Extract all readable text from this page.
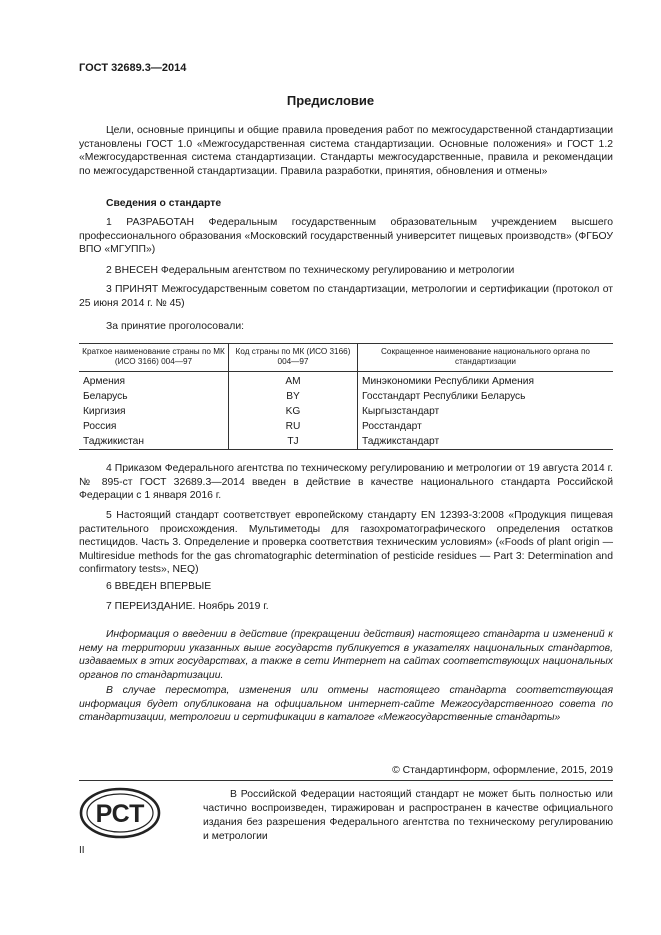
ГОСТ 32689.3—2014
Предисловие
Цели, основные принципы и общие правила проведения работ по межгосударственной стандартизации установлены ГОСТ 1.0 «Межгосударственная система стандартизации. Основные положения» и ГОСТ 1.2 «Межгосударственная система стандартизации. Стандарты межгосударственные, правила и рекомендации по межгосударственной стандартизации. Правила разработки, принятия, обновления и отмены»
Сведения о стандарте
1 РАЗРАБОТАН Федеральным государственным образовательным учреждением высшего профессионального образования «Московский государственный университет пищевых производств» (ФГБОУ ВПО «МГУПП»)
2 ВНЕСЕН Федеральным агентством по техническому регулированию и метрологии
3 ПРИНЯТ Межгосударственным советом по стандартизации, метрологии и сертификации (протокол от 25 июня 2014 г. № 45)
За принятие проголосовали:
Краткое наименование страны по МК (ИСО 3166) 004—97	Код страны по МК (ИСО 3166) 004—97	Сокращенное наименование национального органа по стандартизации
Армения	AM	Минэкономики Республики Армения
Беларусь	BY	Госстандарт Республики Беларусь
Киргизия	KG	Кыргызстандарт
Россия	RU	Росстандарт
Таджикистан	TJ	Таджикстандарт
4 Приказом Федерального агентства по техническому регулированию и метрологии от 19 августа 2014 г. № 895-ст ГОСТ 32689.3—2014 введен в действие в качестве национального стандарта Российской Федерации с 1 января 2016 г.
5 Настоящий стандарт соответствует европейскому стандарту EN 12393-3:2008 «Продукция пищевая растительного происхождения. Мультиметоды для газохроматографического определения остатков пестицидов. Часть 3. Определение и проверка соответствия техническим условиям» («Foods of plant origin — Multiresidue methods for the gas chromatographic determination of pesticide residues — Part 3: Determination and confirmatory tests», NEQ)
6 ВВЕДЕН ВПЕРВЫЕ
7 ПЕРЕИЗДАНИЕ. Ноябрь 2019 г.
Информация о введении в действие (прекращении действия) настоящего стандарта и изменений к нему на территории указанных выше государств публикуется в указателях национальных стандартов, издаваемых в этих государствах, а также в сети Интернет на сайтах соответствующих национальных органов по стандартизации.
В случае пересмотра, изменения или отмены настоящего стандарта соответствующая информация будет опубликована на официальном интернет-сайте Межгосударственного совета по стандартизации, метрологии и сертификации в каталоге «Межгосударственные стандарты»
© Стандартинформ, оформление, 2015, 2019
РСТ
В Российской Федерации настоящий стандарт не может быть полностью или частично воспроизведен, тиражирован и распространен в качестве официального издания без разрешения Федерального агентства по техническому регулированию и метрологии
II
